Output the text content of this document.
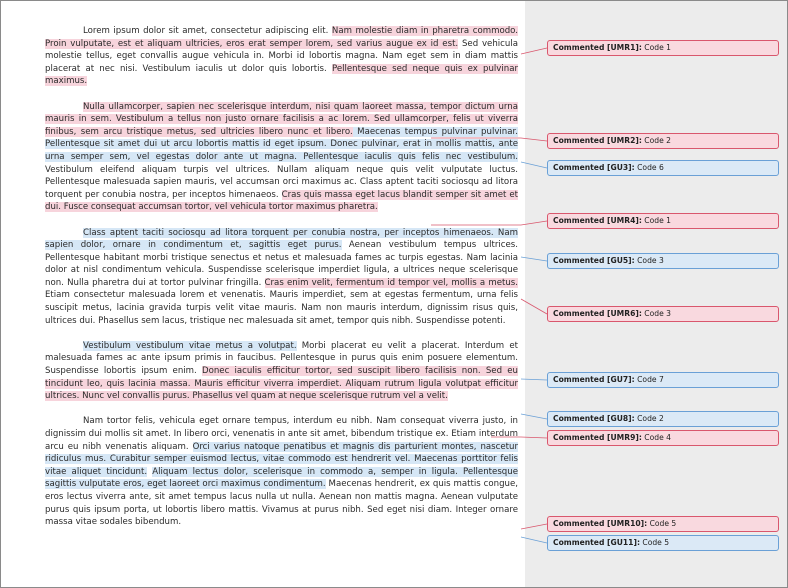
Lorem ipsum dolor sit amet, consectetur adipiscing elit. Nam molestie diam in pharetra commodo. Proin vulputate, est et aliquam ultricies, eros erat semper lorem, sed varius augue ex id est. Sed vehicula molestie tellus, eget convallis augue vehicula in. Morbi id lobortis magna. Nam eget sem in diam mattis placerat at nec nisi. Vestibulum iaculis ut dolor quis lobortis. Pellentesque sed neque quis ex pulvinar maximus.

Nulla ullamcorper, sapien nec scelerisque interdum, nisi quam laoreet massa, tempor dictum urna mauris in sem. Vestibulum a tellus non justo ornare facilisis a ac lorem. Sed ullamcorper, felis ut viverra finibus, sem arcu tristique metus, sed ultricies libero nunc et libero. Maecenas tempus pulvinar pulvinar. Pellentesque sit amet dui ut arcu lobortis mattis id eget ipsum. Donec pulvinar, erat in mollis mattis, ante urna semper sem, vel egestas dolor ante ut magna. Pellentesque iaculis quis felis nec vestibulum. Vestibulum eleifend aliquam turpis vel ultrices. Nullam aliquam neque quis velit vulputate luctus. Pellentesque malesuada sapien mauris, vel accumsan orci maximus ac. Class aptent taciti sociosqu ad litora torquent per conubia nostra, per inceptos himenaeos. Cras quis massa eget lacus blandit semper sit amet et dui. Fusce consequat accumsan tortor, vel vehicula tortor maximus pharetra.

Class aptent taciti sociosqu ad litora torquent per conubia nostra, per inceptos himenaeos. Nam sapien dolor, ornare in condimentum et, sagittis eget purus. Aenean vestibulum tempus ultrices. Pellentesque habitant morbi tristique senectus et netus et malesuada fames ac turpis egestas. Nam lacinia dolor at nisl condimentum vehicula. Suspendisse scelerisque imperdiet ligula, a ultrices neque scelerisque non. Nulla pharetra dui at tortor pulvinar fringilla. Cras enim velit, fermentum id tempor vel, mollis a metus. Etiam consectetur malesuada lorem et venenatis. Mauris imperdiet, sem at egestas fermentum, urna felis suscipit metus, lacinia gravida turpis velit vitae mauris. Nam non mauris interdum, dignissim risus quis, ultrices dui. Phasellus sem lacus, tristique nec malesuada sit amet, tempor quis nibh. Suspendisse potenti.

Vestibulum vestibulum vitae metus a volutpat. Morbi placerat eu velit a placerat. Interdum et malesuada fames ac ante ipsum primis in faucibus. Pellentesque in purus quis enim posuere elementum. Suspendisse lobortis ipsum enim. Donec iaculis efficitur tortor, sed suscipit libero facilisis non. Sed eu tincidunt leo, quis lacinia massa. Mauris efficitur viverra imperdiet. Aliquam rutrum ligula volutpat efficitur ultrices. Nunc vel convallis purus. Phasellus vel quam at neque scelerisque rutrum vel a velit.

Nam tortor felis, vehicula eget ornare tempus, interdum eu nibh. Nam consequat viverra justo, in dignissim dui mollis sit amet. In libero orci, venenatis in ante sit amet, bibendum tristique ex. Etiam interdum arcu eu nibh venenatis aliquam. Orci varius natoque penatibus et magnis dis parturient montes, nascetur ridiculus mus. Curabitur semper euismod lectus, vitae commodo est hendrerit vel. Maecenas porttitor felis vitae aliquet tincidunt. Aliquam lectus dolor, scelerisque in commodo a, semper in ligula. Pellentesque sagittis vulputate eros, eget laoreet orci maximus condimentum. Maecenas hendrerit, ex quis mattis congue, eros lectus viverra ante, sit amet tempus lacus nulla ut nulla. Aenean non mattis magna. Aenean vulputate purus quis ipsum porta, ut lobortis libero mattis. Vivamus at purus nibh. Sed eget nisi diam. Integer ornare massa vitae sodales bibendum.

Commented [UMR1]: Code 1
Commented [UMR2]: Code 2
Commented [GU3]: Code 6
Commented [UMR4]: Code 1
Commented [GU5]: Code 3
Commented [UMR6]: Code 3
Commented [GU7]: Code 7
Commented [GU8]: Code 2
Commented [UMR9]: Code 4
Commented [UMR10]: Code 5
Commented [GU11]: Code 5
